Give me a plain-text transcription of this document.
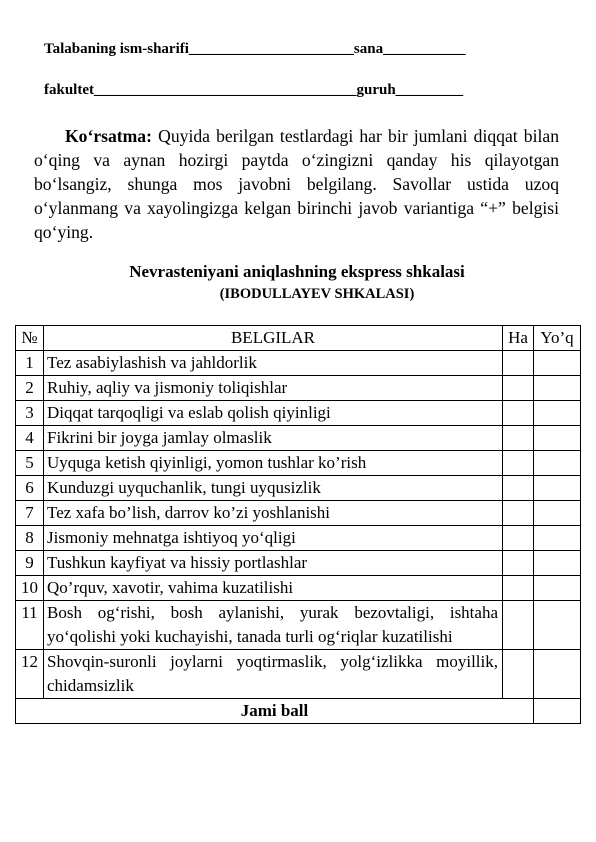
Talabaning ism-sharifi______________________sana___________
fakultet___________________________________guruh_________
Ko‘rsatma: Quyida berilgan testlardagi har bir jumlani diqqat bilan o‘qing va aynan hozirgi paytda o‘zingizni qanday his qilayotgan bo‘lsangiz, shunga mos javobni belgilang. Savollar ustida uzoq o‘ylanmang va xayolingizga kelgan birinchi javob variantiga “+” belgisi qo‘ying.
Nevrasteniyani aniqlashning ekspress shkalasi
(IBODULLAYEV SHKALASI)
№	BELGILAR	Ha	Yo’q
1	Tez asabiylashish va jahldorlik		
2	Ruhiy, aqliy va jismoniy toliqishlar		
3	Diqqat tarqoqligi va eslab qolish qiyinligi		
4	Fikrini bir joyga jamlay olmaslik		
5	Uyquga ketish qiyinligi, yomon tushlar ko’rish		
6	Kunduzgi uyquchanlik, tungi uyqusizlik		
7	Tez xafa bo’lish, darrov ko’zi yoshlanishi		
8	Jismoniy mehnatga ishtiyoq yo‘qligi		
9	Tushkun kayfiyat va hissiy portlashlar		
10	Qo’rquv, xavotir, vahima kuzatilishi		
11	Bosh og‘rishi, bosh aylanishi, yurak bezovtaligi, ishtaha yo‘qolishi yoki kuchayishi, tanada turli og‘riqlar kuzatilishi		
12	Shovqin-suronli joylarni yoqtirmaslik, yolg‘izlikka moyillik, chidamsizlik		
Jami ball			
